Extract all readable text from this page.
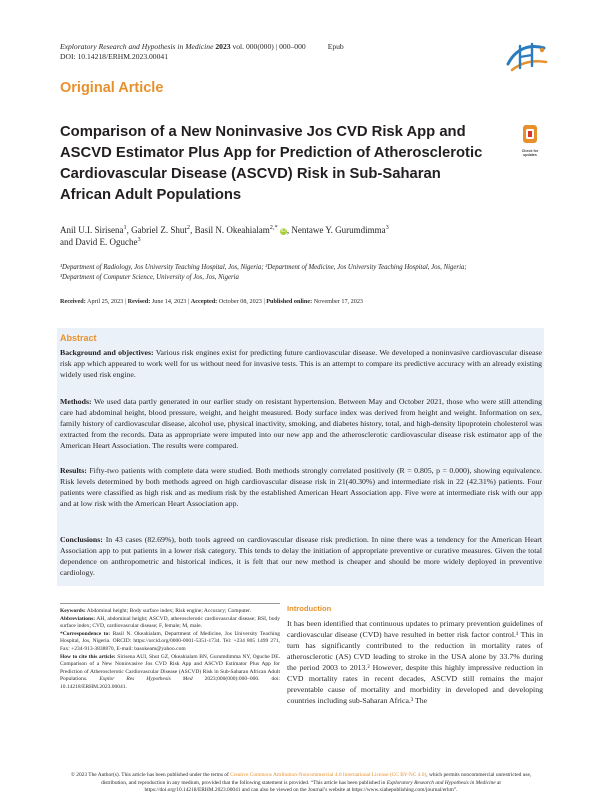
Exploratory Research and Hypothesis in Medicine 2023 vol. 000(000) | 000–000	Epub
DOI: 10.14218/ERHM.2023.00041
Original Article
Comparison of a New Noninvasive Jos CVD Risk App and ASCVD Estimator Plus App for Prediction of Atherosclerotic Cardiovascular Disease (ASCVD) Risk in Sub-Saharan African Adult Populations
Check for
updates
Anil U.I. Sirisena$^1$, Gabriel Z. Shut$^2$, Basil N. Okeahialam$^{2,*}$ iD, Nentawe Y. Gurumdimma$^3$
and David E. Oguche$^3$
¹Department of Radiology, Jos University Teaching Hospital, Jos, Nigeria; ²Department of Medicine, Jos University Teaching Hospital, Jos, Nigeria;
³Department of Computer Science, University of Jos, Jos, Nigeria
Received: April 25, 2023 | Revised: June 14, 2023 | Accepted: October 08, 2023 | Published online: November 17, 2023
Abstract
Background and objectives: Various risk engines exist for predicting future cardiovascular disease. We developed a noninvasive cardiovascular disease risk app which appeared to work well for us without need for invasive tests. This is an attempt to compare its predictive accuracy with an already existing widely used risk engine.
Methods: We used data partly generated in our earlier study on resistant hypertension. Between May and October 2021, those who were still attending care had abdominal height, blood pressure, weight, and height measured. Body surface index was derived from height and weight. Information on sex, family history of cardiovascular disease, alcohol use, physical inactivity, smoking, and diabetes history, total, and high-density lipoprotein cholesterol was extracted from the records. Data as appropriate were imputed into our new app and the atherosclerotic cardiovascular disease risk estimator app of the American Heart Association. The results were compared.
Results: Fifty-two patients with complete data were studied. Both methods strongly correlated positively (R = 0.805, p = 0.000), showing equivalence. Risk levels determined by both methods agreed on high cardiovascular disease risk in 21(40.30%) and intermediate risk in 22 (42.31%) patients. Four patients were classified as high risk and as medium risk by the established American Heart Association app. Five were at intermediate risk with our app and at low risk with the American Heart Association app.
Conclusions: In 43 cases (82.69%), both tools agreed on cardiovascular disease risk prediction. In nine there was a tendency for the American Heart Association app to put patients in a lower risk category. This tends to delay the initiation of appropriate preventive or curative measures. Given the total dependence on anthropometric and historical indices, it is felt that our new method is cheaper and should be more widely deployed in preventive cardiology.
Keywords: Abdominal height; Body surface index; Risk engine; Accuracy; Computer.
Abbreviations: AH, abdominal height; ASCVD, atherosclerotic cardiovascular disease; BSI, body surface index; CVD, cardiovascular disease; F, female; M, male.
*Correspondence to: Basil N. Okeahialam, Department of Medicine, Jos University Teaching Hospital, Jos, Nigeria. ORCID: https://orcid.org/0000-0001-5351-1734. Tel: +234 805 1499 271, Fax: +234-913-3838870, E-mail: basokeam@yahoo.com
How to cite this article: Sirisena AUI, Shut GZ, Okeahialam BN, Gurumdimma NY, Oguche DE. Comparison of a New Noninvasive Jos CVD Risk App and ASCVD Estimator Plus App for Prediction of Atherosclerotic Cardiovascular Disease (ASCVD) Risk in Sub-Saharan African Adult Populations. Explor Res Hypothesis Med 2023;000(000):000–000. doi: 10.14218/ERHM.2023.00041.
Introduction
It has been identified that continuous updates to primary prevention guidelines of cardiovascular disease (CVD) have resulted in better risk factor control.¹ This in turn has significantly contributed to the reduction in mortality rates of atherosclerotic (AS) CVD leading to stroke in the USA alone by 33.7% during the period 2003 to 2013.² However, despite this highly impressive reduction in CVD mortality rates in recent decades, ASCVD still remains the major preventable cause of mortality and morbidity in developed and developing countries including sub-Saharan Africa.³ The
© 2023 The Author(s). This article has been published under the terms of Creative Commons Attribution-Noncommercial 4.0 International License (CC BY-NC 4.0), which permits noncommercial unrestricted use, distribution, and reproduction in any medium, provided that the following statement is provided. “This article has been published in Exploratory Research and Hypothesis in Medicine at https://doi.org/10.14218/ERHM.2023.00041 and can also be viewed on the Journal’s website at https://www.xiahepublishing.com/journal/erhm”.
